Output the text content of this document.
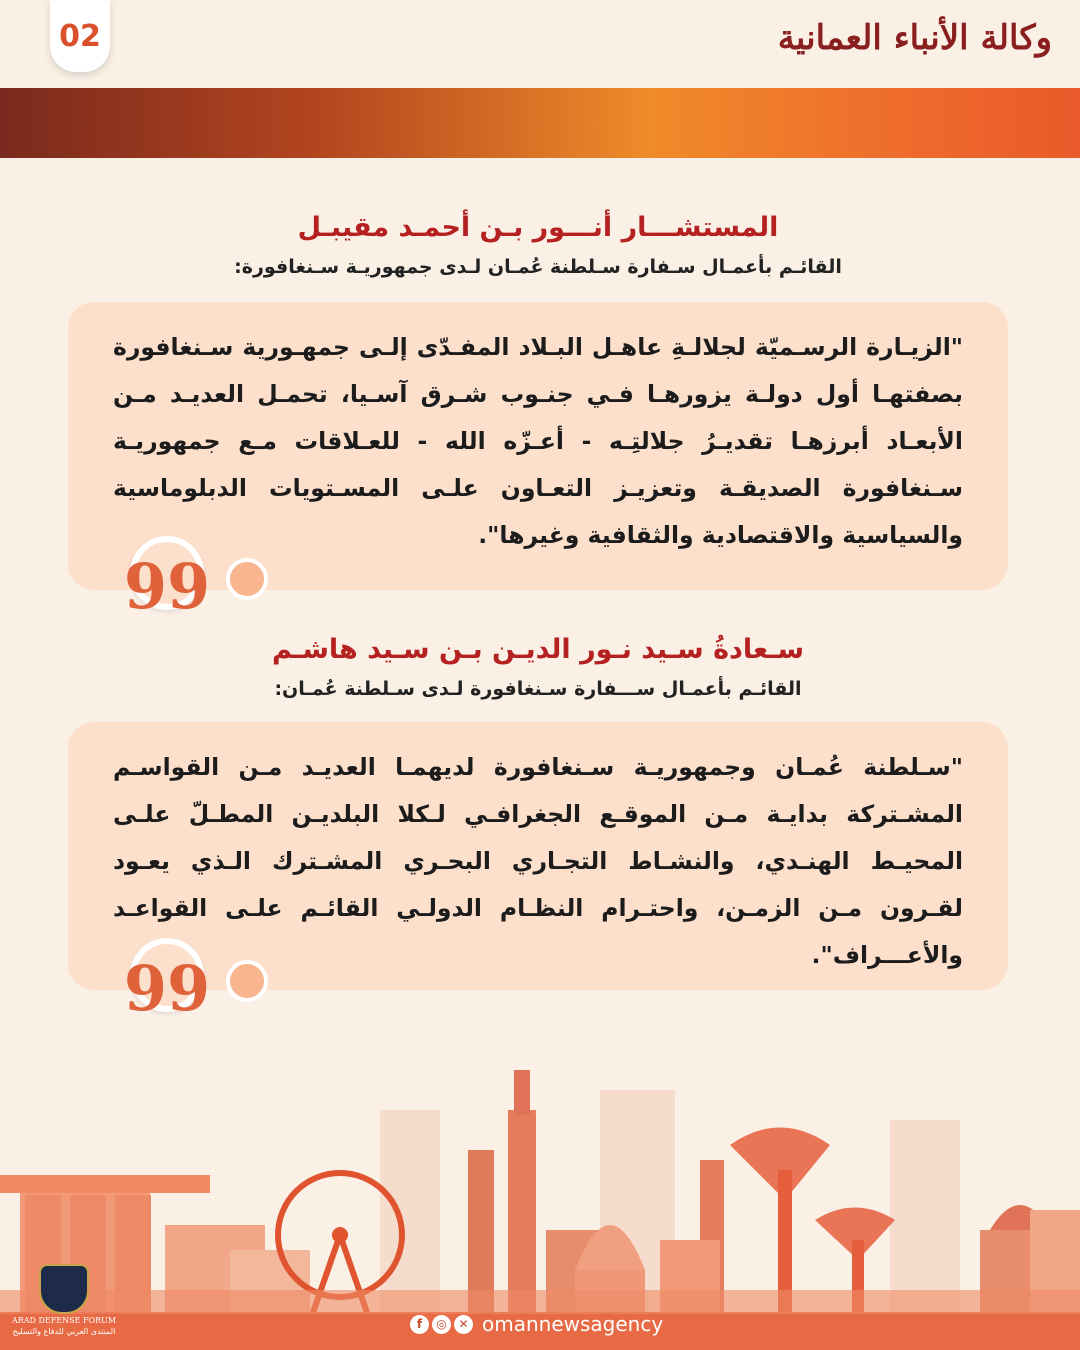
02	وكالة الأنباء العمانية

المستشـــار أنـــور بـن أحمـد مقيبـل

القائـم بأعمـال سـفارة سـلطنة عُمـان لـدى جمهوريـة سـنغافورة:

"الزيـارة الرسـميّة لجلالـةِ عاهـل البـلاد المفـدّى إلـى جمهـورية سـنغافورة بصفتهـا أول دولـة يزورهـا فـي جنـوب شـرق آسـيا، تحمـل العديـد مـن الأبعـاد أبرزهـا تقديـرُ جلالتِـه - أعـزّه الله - للعـلاقات مـع جمهوريـة سـنغافورة الصديقـة وتعزيـز التعـاون علـى المسـتويات الدبلوماسية والسياسية والاقتصادية والثقافية وغيرها".

99

سـعادةُ سـيد نـور الديـن بـن سـيد هاشـم

القائـم بأعمـال ســـفارة سـنغافورة لـدى سـلطنة عُمـان:

"سـلطنة عُمـان وجمهوريـة سـنغافورة لديهمـا العديـد مـن القواسـم المشـتركة بدايـة مـن الموقـع الجغرافـي لـكلا البلديـن المطـلّ علـى المحيـط الهنـدي، والنشـاط التجـاري البحـري المشـترك الـذي يعـود لقـرون مـن الزمـن، واحتـرام النظـام الدولـي القائـم علـى القواعـد والأعـــراف".

99
f	◎ ✕ omannewsagency
ARAD DEFENSE FORUM
المنتدى العربي للدفاع والتسليح
